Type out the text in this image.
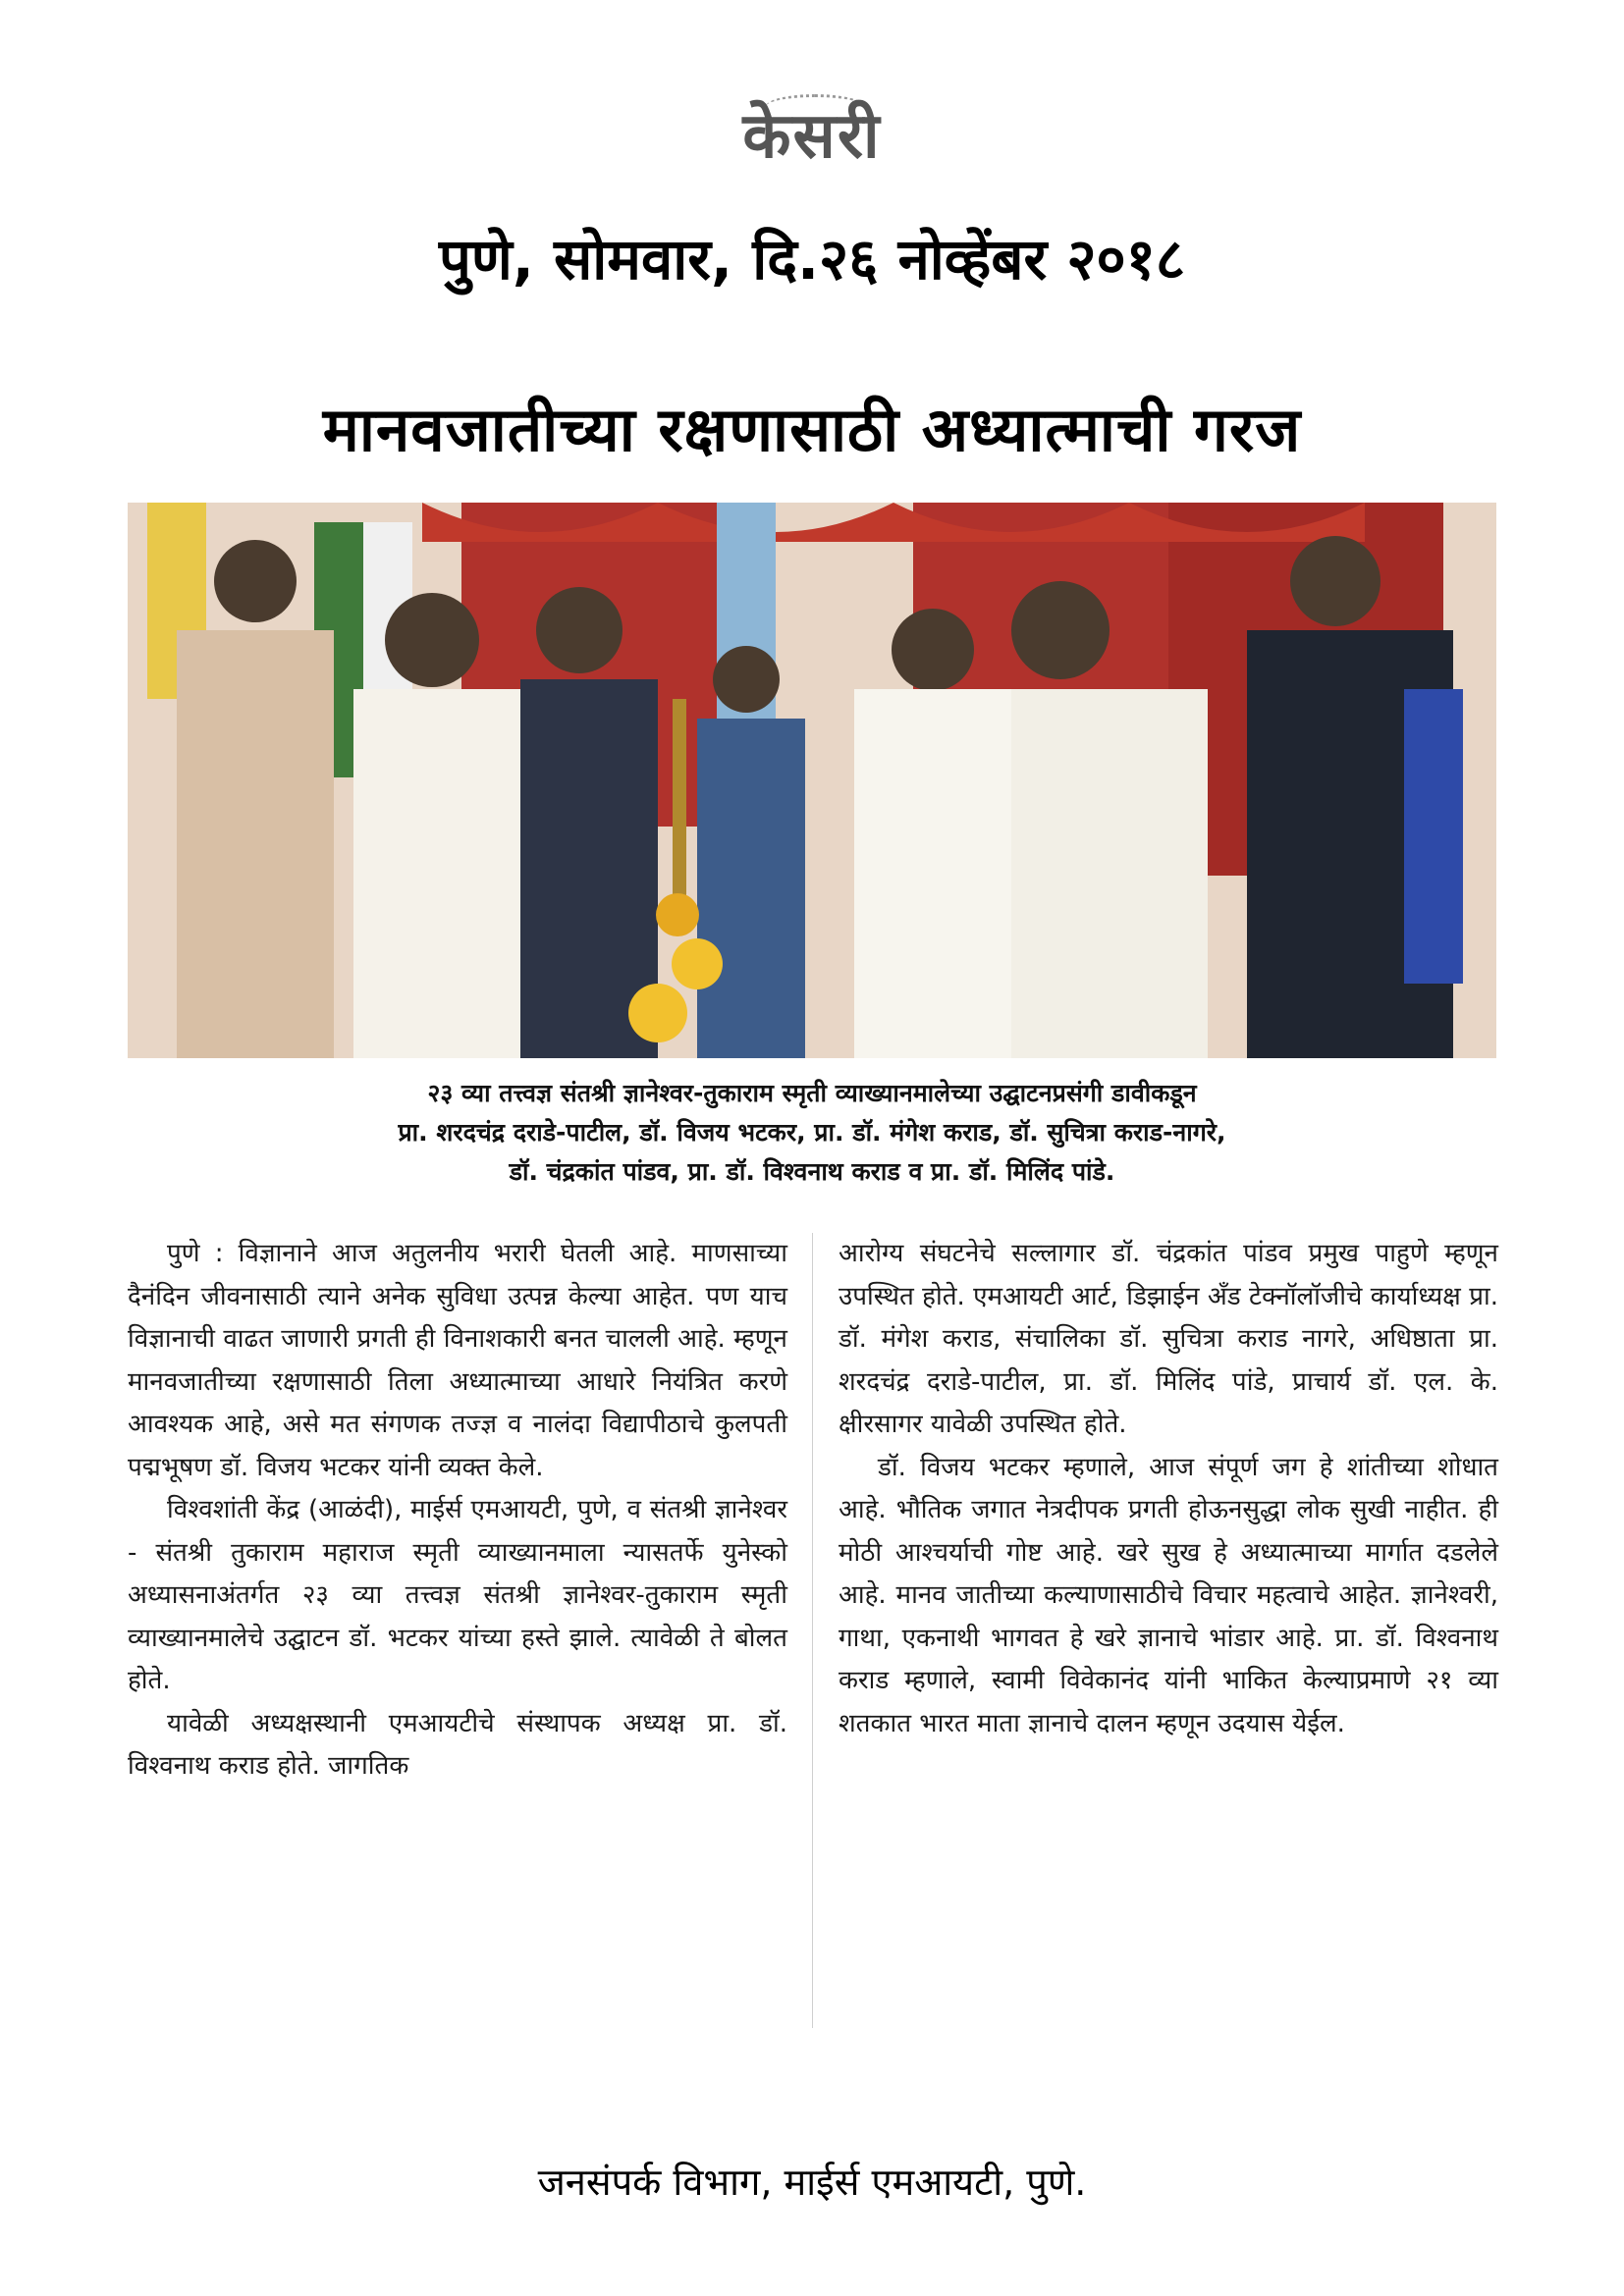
केसरी
पुणे, सोमवार, दि.२६ नोव्हेंबर २०१८
मानवजातीच्या रक्षणासाठी अध्यात्माची गरज
२३ व्या तत्त्वज्ञ संतश्री ज्ञानेश्वर-तुकाराम स्मृती व्याख्यानमालेच्या उद्घाटनप्रसंगी डावीकडून
प्रा. शरदचंद्र दराडे-पाटील, डॉ. विजय भटकर, प्रा. डॉ. मंगेश कराड, डॉ. सुचित्रा कराड-नागरे,
डॉ. चंद्रकांत पांडव, प्रा. डॉ. विश्वनाथ कराड व प्रा. डॉ. मिलिंद पांडे.

पुणे : विज्ञानाने आज अतुलनीय भरारी घेतली आहे. माणसाच्या दैनंदिन जीवनासाठी त्याने अनेक सुविधा उत्पन्न केल्या आहेत. पण याच विज्ञानाची वाढत जाणारी प्रगती ही विनाशकारी बनत चालली आहे. म्हणून मानवजातीच्या रक्षणासाठी तिला अध्यात्माच्या आधारे नियंत्रित करणे आवश्यक आहे, असे मत संगणक तज्ज्ञ व नालंदा विद्यापीठाचे कुलपती पद्मभूषण डॉ. विजय भटकर यांनी व्यक्त केले.

विश्वशांती केंद्र (आळंदी), माईर्स एमआयटी, पुणे, व संतश्री ज्ञानेश्वर - संतश्री तुकाराम महाराज स्मृती व्याख्यानमाला न्यासतर्फे युनेस्को अध्यासनाअंतर्गत २३ व्या तत्त्वज्ञ संतश्री ज्ञानेश्वर-तुकाराम स्मृती व्याख्यानमालेचे उद्घाटन डॉ. भटकर यांच्या हस्ते झाले. त्यावेळी ते बोलत होते.

यावेळी अध्यक्षस्थानी एमआयटीचे संस्थापक अध्यक्ष प्रा. डॉ. विश्वनाथ कराड होते. जागतिक

आरोग्य संघटनेचे सल्लागार डॉ. चंद्रकांत पांडव प्रमुख पाहुणे म्हणून उपस्थित होते. एमआयटी आर्ट, डिझाईन अँड टेक्नॉलॉजीचे कार्याध्यक्ष प्रा. डॉ. मंगेश कराड, संचालिका डॉ. सुचित्रा कराड नागरे, अधिष्ठाता प्रा. शरदचंद्र दराडे-पाटील, प्रा. डॉ. मिलिंद पांडे, प्राचार्य डॉ. एल. के. क्षीरसागर यावेळी उपस्थित होते.

डॉ. विजय भटकर म्हणाले, आज संपूर्ण जग हे शांतीच्या शोधात आहे. भौतिक जगात नेत्रदीपक प्रगती होऊनसुद्धा लोक सुखी नाहीत. ही मोठी आश्चर्याची गोष्ट आहे. खरे सुख हे अध्यात्माच्या मार्गात दडलेले आहे. मानव जातीच्या कल्याणासाठीचे विचार महत्वाचे आहेत. ज्ञानेश्वरी, गाथा, एकनाथी भागवत हे खरे ज्ञानाचे भांडार आहे. प्रा. डॉ. विश्वनाथ कराड म्हणाले, स्वामी विवेकानंद यांनी भाकित केल्याप्रमाणे २१ व्या शतकात भारत माता ज्ञानाचे दालन म्हणून उदयास येईल.

जनसंपर्क विभाग, माईर्स एमआयटी, पुणे.
